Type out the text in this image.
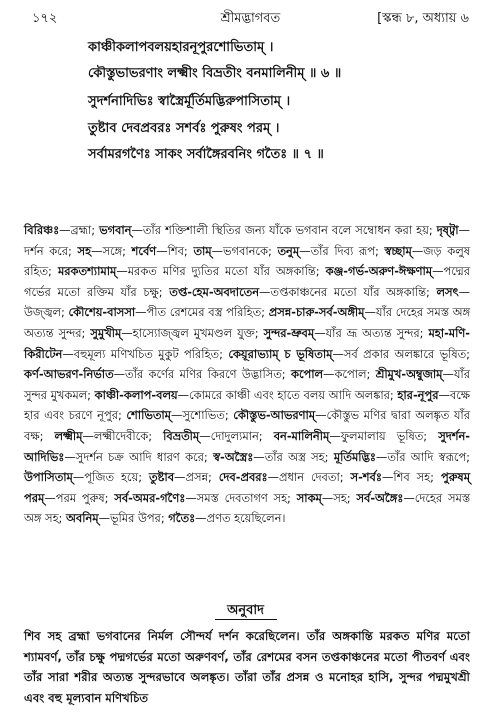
১৭২	শ্রীমদ্ভাগবত	[স্কন্ধ ৮, অধ্যায় ৬
কাঞ্চীকলাপবলয়হারনূপুরশোভিতাম্ ।
কৌস্তুভাভরণাং লক্ষ্মীং বিভ্রতীং বনমালিনীম্ ॥ ৬ ॥
সুদর্শনাদিভিঃ স্বাস্ত্রৈর্মূর্তিমদ্ভিরুপাসিতাম্ ।
তুষ্টাব দেবপ্রবরঃ সশর্বঃ পুরুষং পরম্ ।
সর্বামরগণৈঃ সাকং সর্বাঙ্গৈরবনিং গতৈঃ ॥ ৭ ॥
বিরিঞ্চঃ—ব্রহ্মা; ভগবান্—তাঁর শক্তিশালী স্থিতির জন্য যাঁকে ভগবান বলে সম্বোধন করা হয়; দৃষ্ট্বা—দর্শন করে; সহ—সঙ্গে; শর্বেণ—শিব; তাম্—ভগবানকে; তনুম্—তাঁর দিব্য রূপ; স্বচ্ছাম্—জড় কলুষ রহিত; মরকতশ্যামাম্—মরকত মণির দ্যুতির মতো যাঁর অঙ্গকান্তি; কঞ্জ-গর্ভ-অরুণ-ঈক্ষণাম্—পদ্মের গর্ভের মতো রক্তিম যাঁর চক্ষু; তপ্ত-হেম-অবদাতেন—তপ্তকাঞ্চনের মতো যাঁর অঙ্গকান্তি; লসৎ—উজ্জ্বল; কৌশেয়-বাসসা—পীত রেশমের বস্ত্র পরিহিত; প্রসন্ন-চারু-সর্ব-অঙ্গীম্—যাঁর দেহের সমস্ত অঙ্গ অত্যন্ত সুন্দর; সুমুখীম্—হাস্যোজ্জ্বল মুখমণ্ডল যুক্ত; সুন্দর-ভ্রুবম্—যাঁর ভ্রূ অত্যন্ত সুন্দর; মহা-মণি-কিরীটেন—বহুমূল্য মণিখচিত মুকুট পরিহিত; কেয়ূরাভ্যাম্ চ ভূষিতাম্—সর্ব প্রকার অলঙ্কারে ভূষিত; কর্ণ-আভরণ-নির্ভাত—তাঁর কর্ণের মণির কিরণে উদ্ভাসিত; কপোল—কপোল; শ্রীমুখ-অম্বুজাম্—যাঁর সুন্দর মুখকমল; কাঞ্চী-কলাপ-বলয়—কোমরে কাঞ্চী এবং হাতে বলয় আদি অলঙ্কার; হার-নূপুর—বক্ষে হার এবং চরণে নূপুর; শোভিতাম্—সুশোভিত; কৌস্তুভ-আভরণাম্—কৌস্তুভ মণির দ্বারা অলঙ্কৃত যাঁর বক্ষ; লক্ষ্মীম্—লক্ষ্মীদেবীকে; বিভ্রতীম্—দোদুল্যমান; বন-মালিনীম্—ফুলমালায় ভূষিত; সুদর্শন-আদিভিঃ—সুদর্শন চক্র আদি ধারণ করে; স্ব-অস্ত্রৈঃ—তাঁর অস্ত্র সহ; মূর্তিমদ্ভিঃ—তাঁর আদি স্বরূপে; উপাসিতাম্—পূজিত হয়ে; তুষ্টাব—প্রসন্ন; দেব-প্রবরঃ—প্রধান দেবতা; স-শর্বঃ—শিব সহ; পুরুষম্ পরম্—পরম পুরুষ; সর্ব-অমর-গণৈঃ—সমস্ত দেবতাগণ সহ; সাকম্—সহ; সর্ব-অঙ্গৈঃ—দেহের সমস্ত অঙ্গ সহ; অবনিম্—ভূমির উপর; গতৈঃ—প্রণত হয়েছিলেন।
অনুবাদ
শিব সহ ব্রহ্মা ভগবানের নির্মল সৌন্দর্য দর্শন করেছিলেন। তাঁর অঙ্গকান্তি মরকত মণির মতো শ্যামবর্ণ, তাঁর চক্ষু পদ্মগর্ভের মতো অরুণবর্ণ, তাঁর রেশমের বসন তপ্তকাঞ্চনের মতো পীতবর্ণ এবং তাঁর সারা শরীর অত্যন্ত সুন্দরভাবে অলঙ্কৃত। তাঁরা তাঁর প্রসন্ন ও মনোহর হাসি, সুন্দর পদ্মমুখশ্রী এবং বহু মূল্যবান মণিখচিত
